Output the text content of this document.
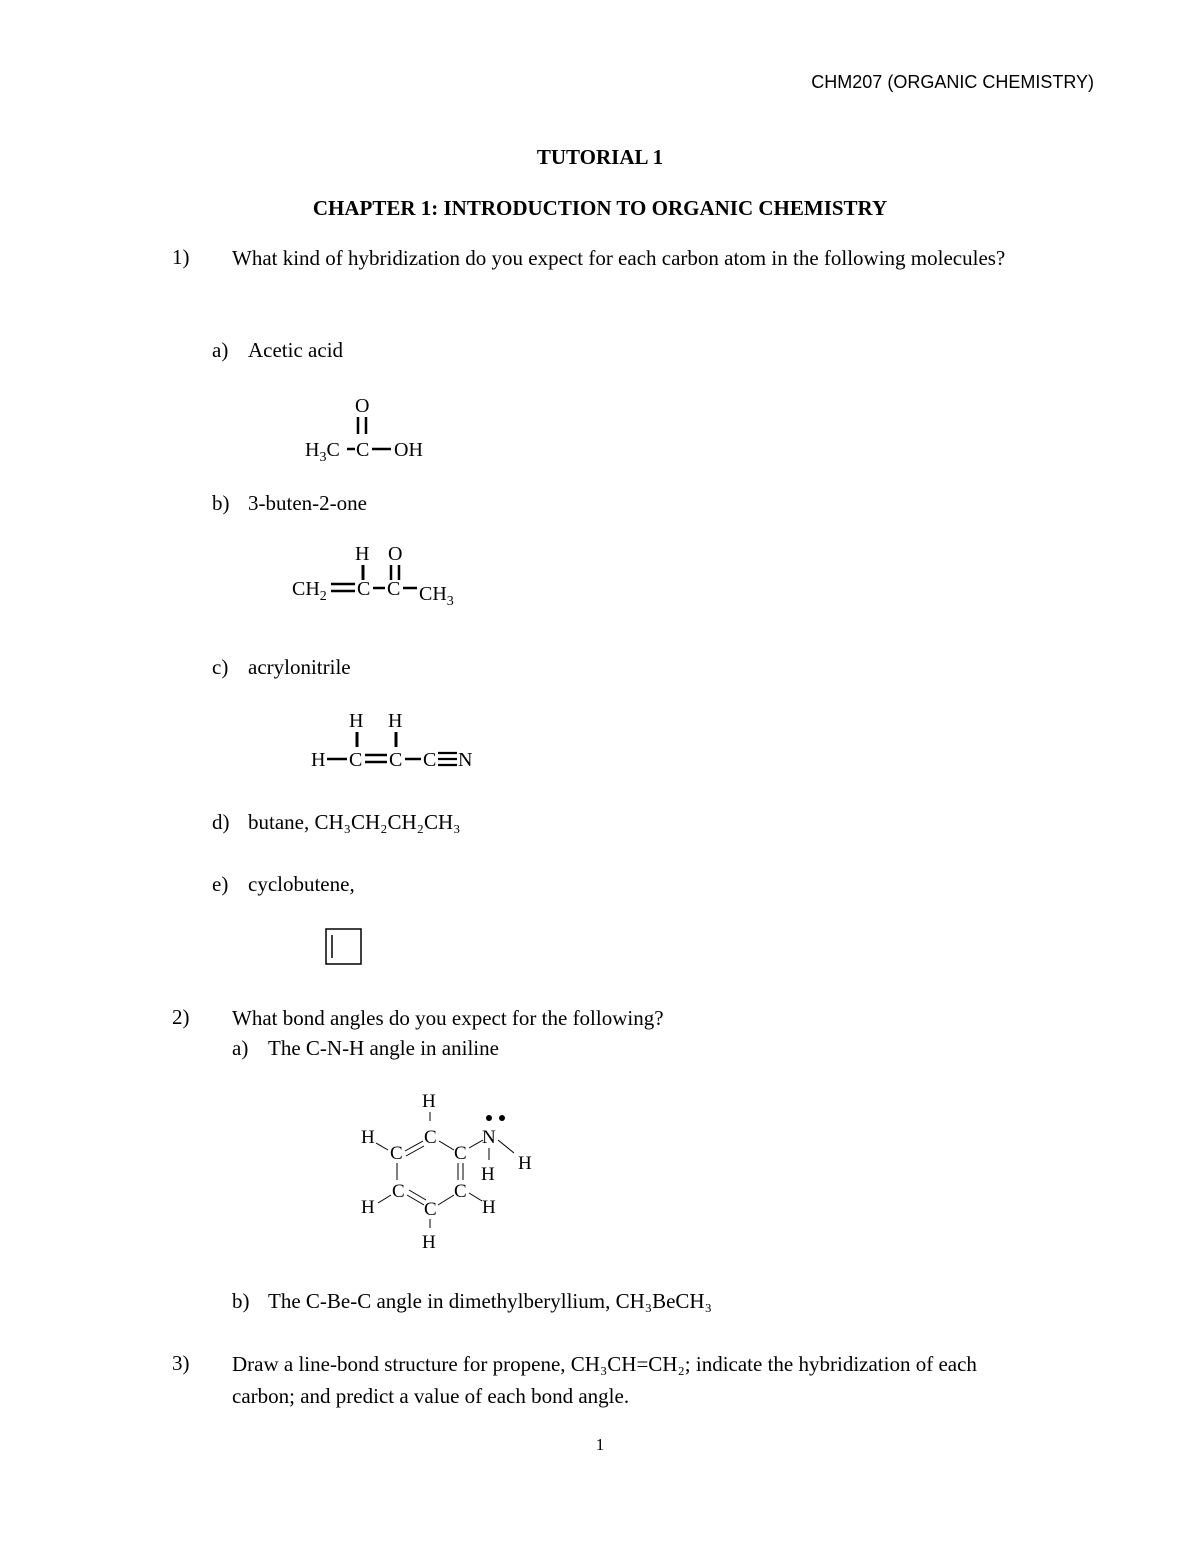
CHM207 (ORGANIC CHEMISTRY)
TUTORIAL 1
CHAPTER 1: INTRODUCTION TO ORGANIC CHEMISTRY
1) What kind of hybridization do you expect for each carbon atom in the following molecules?
a) Acetic acid
O
$H_3C$ C OH
b) 3-buten-2-one
H O
$CH_2$ C C $CH_3$
c) acrylonitrile
H H
H C C C N
d) butane, CH₃CH₂CH₂CH₃
e) cyclobutene,
2) What bond angles do you expect for the following?
a) The C-N-H angle in aniline
H
C
H
C	C
N
H
H
C	C
C
H	H
H
b) The C-Be-C angle in dimethylberyllium, CH₃BeCH₃
3) Draw a line-bond structure for propene, CH₃CH=CH₂; indicate the hybridization of each carbon; and predict a value of each bond angle.
1
